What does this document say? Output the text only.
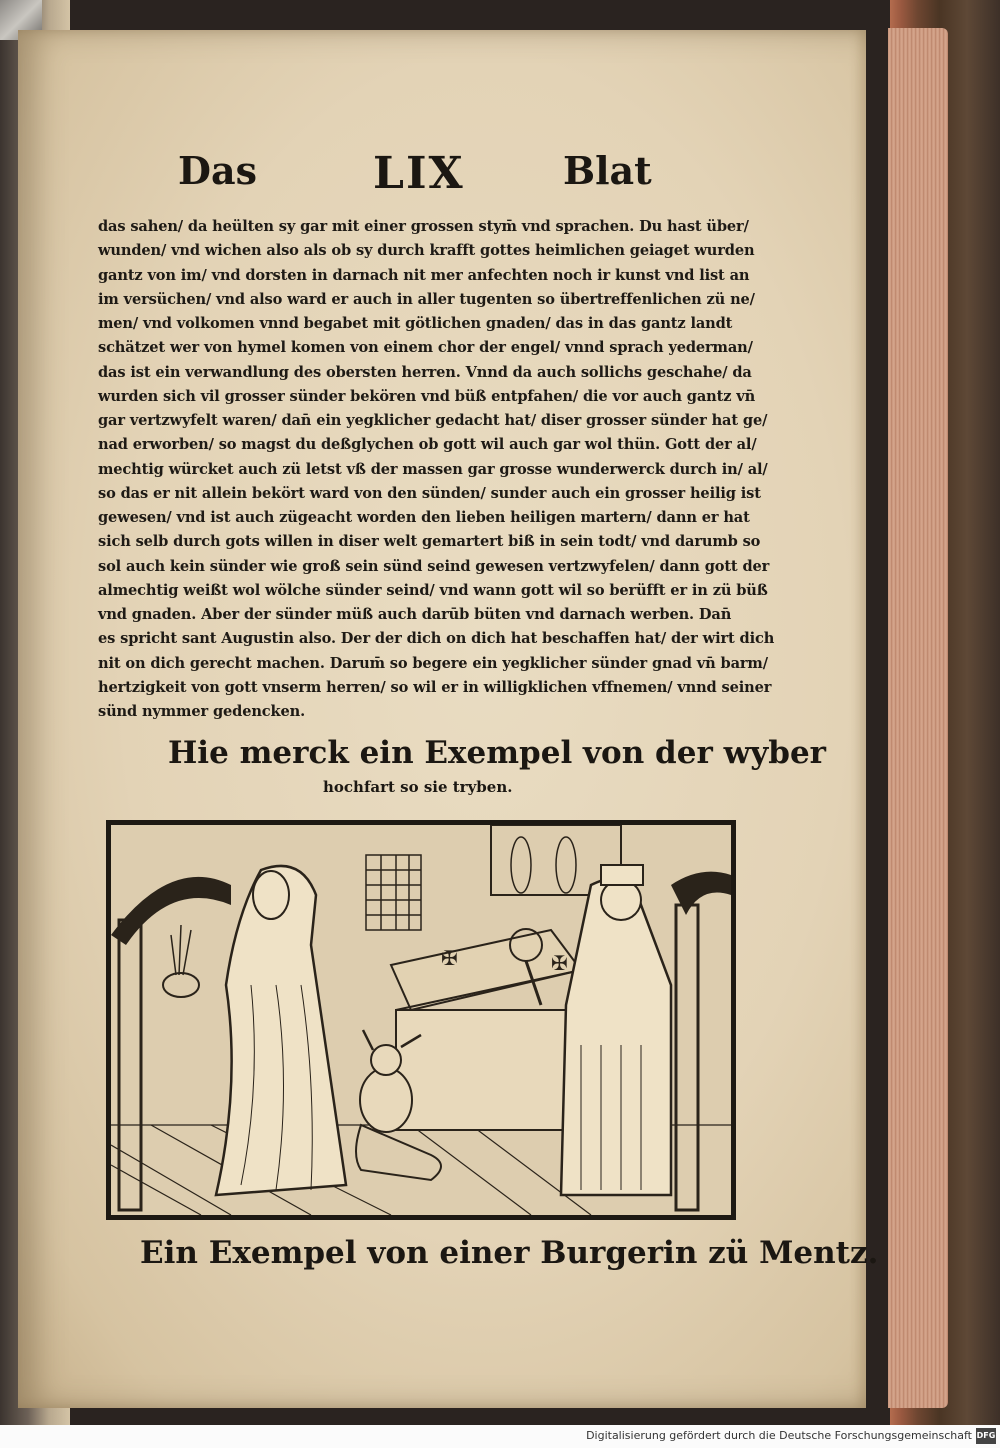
Das	LIX	Blat
das sahen/ da heülten sy gar mit einer grossen stym̄ vnd sprachen. Du hast über/
wunden/ vnd wichen also als ob sy durch krafft gottes heimlichen geiaget wurden
gantz von im/ vnd dorsten in darnach nit mer anfechten noch ir kunst vnd list an
im versüchen/ vnd also ward er auch in aller tugenten so übertreffenlichen zü ne/
men/ vnd volkomen vnnd begabet mit götlichen gnaden/ das in das gantz landt
schätzet wer von hymel komen von einem chor der engel/ vnnd sprach yederman/
das ist ein verwandlung des obersten herren. Vnnd da auch sollichs geschahe/ da
wurden sich vil grosser sünder bekören vnd büß entpfahen/ die vor auch gantz vn̄
gar vertzwyfelt waren/ dan̄ ein yegklicher gedacht hat/ diser grosser sünder hat ge/
nad erworben/ so magst du deßglychen ob gott wil auch gar wol thün. Gott der al/
mechtig würcket auch zü letst vß der massen gar grosse wunderwerck durch in/ al/
so das er nit allein bekört ward von den sünden/ sunder auch ein grosser heilig ist
gewesen/ vnd ist auch zügeacht worden den lieben heiligen martern/ dann er hat
sich selb durch gots willen in diser welt gemartert biß in sein todt/ vnd darumb so
sol auch kein sünder wie groß sein sünd seind gewesen vertzwyfelen/ dann gott der
almechtig weißt wol wölche sünder seind/ vnd wann gott wil so berüfft er in zü büß
vnd gnaden. Aber der sünder müß auch darūb büten vnd darnach werben. Dan̄
es spricht sant Augustin also. Der der dich on dich hat beschaffen hat/ der wirt dich
nit on dich gerecht machen. Darum̄ so begere ein yegklicher sünder gnad vn̄ barm/
hertzigkeit von gott vnserm herren/ so wil er in willigklichen vffnemen/ vnnd seiner
sünd nymmer gedencken.
Hie merck ein Exempel von der wyber
hochfart so sie tryben.
✠	✠
Ein Exempel von einer Burgerin zü Mentz.
Digitalisierung gefördert durch die Deutsche Forschungsgemeinschaft DFG
